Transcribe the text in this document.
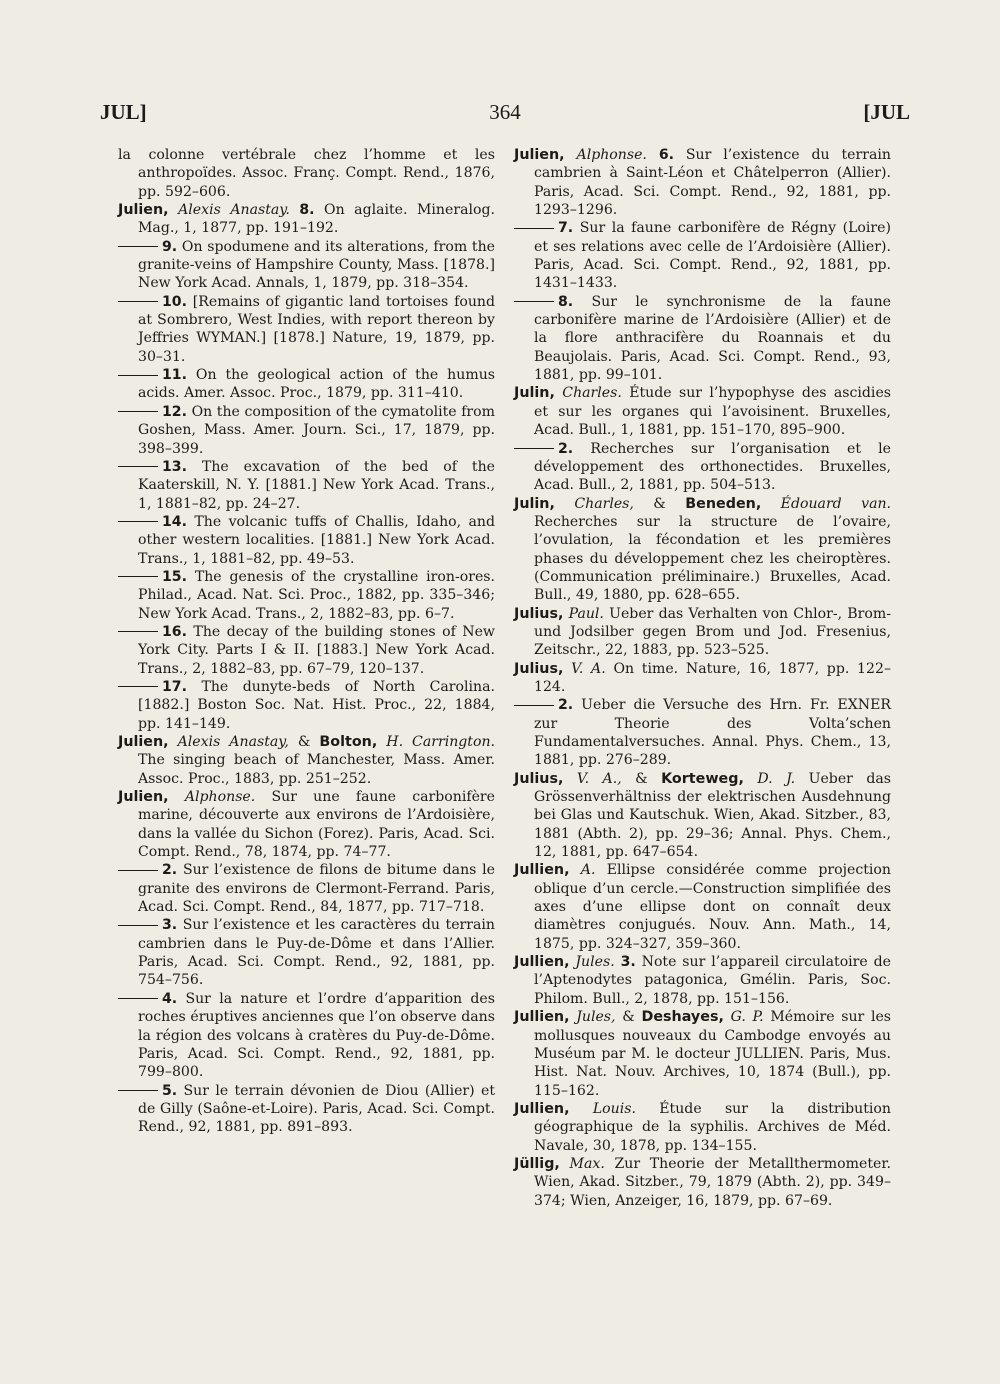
JUL]	364	[JUL

la colonne vertébrale chez l’homme et les anthropoïdes. Assoc. Franç. Compt. Rend., 1876, pp. 592–606.

Julien, Alexis Anastay. 8. On aglaite. Mineralog. Mag., 1, 1877, pp. 191–192.

9. On spodumene and its alterations, from the granite-veins of Hampshire County, Mass. [1878.] New York Acad. Annals, 1, 1879, pp. 318–354.

10. [Remains of gigantic land tortoises found at Sombrero, West Indies, with report thereon by Jeffries WYMAN.] [1878.] Nature, 19, 1879, pp. 30–31.

11. On the geological action of the humus acids. Amer. Assoc. Proc., 1879, pp. 311–410.

12. On the composition of the cymatolite from Goshen, Mass. Amer. Journ. Sci., 17, 1879, pp. 398–399.

13. The excavation of the bed of the Kaaterskill, N. Y. [1881.] New York Acad. Trans., 1, 1881–82, pp. 24–27.

14. The volcanic tuffs of Challis, Idaho, and other western localities. [1881.] New York Acad. Trans., 1, 1881–82, pp. 49–53.

15. The genesis of the crystalline iron-ores. Philad., Acad. Nat. Sci. Proc., 1882, pp. 335–346; New York Acad. Trans., 2, 1882–83, pp. 6–7.

16. The decay of the building stones of New York City. Parts I & II. [1883.] New York Acad. Trans., 2, 1882–83, pp. 67–79, 120–137.

17. The dunyte-beds of North Carolina. [1882.] Boston Soc. Nat. Hist. Proc., 22, 1884, pp. 141–149.

Julien, Alexis Anastay, & Bolton, H. Carrington. The singing beach of Manchester, Mass. Amer. Assoc. Proc., 1883, pp. 251–252.

Julien, Alphonse. Sur une faune carbonifère marine, découverte aux environs de l’Ardoisière, dans la vallée du Sichon (Forez). Paris, Acad. Sci. Compt. Rend., 78, 1874, pp. 74–77.

2. Sur l’existence de filons de bitume dans le granite des environs de Clermont-Ferrand. Paris, Acad. Sci. Compt. Rend., 84, 1877, pp. 717–718.

3. Sur l’existence et les caractères du terrain cambrien dans le Puy-de-Dôme et dans l’Allier. Paris, Acad. Sci. Compt. Rend., 92, 1881, pp. 754–756.

4. Sur la nature et l’ordre d’apparition des roches éruptives anciennes que l’on observe dans la région des volcans à cratères du Puy-de-Dôme. Paris, Acad. Sci. Compt. Rend., 92, 1881, pp. 799–800.

5. Sur le terrain dévonien de Diou (Allier) et de Gilly (Saône-et-Loire). Paris, Acad. Sci. Compt. Rend., 92, 1881, pp. 891–893.

Julien, Alphonse. 6. Sur l’existence du terrain cambrien à Saint-Léon et Châtelperron (Allier). Paris, Acad. Sci. Compt. Rend., 92, 1881, pp. 1293–1296.

7. Sur la faune carbonifère de Régny (Loire) et ses relations avec celle de l’Ardoisière (Allier). Paris, Acad. Sci. Compt. Rend., 92, 1881, pp. 1431–1433.

8. Sur le synchronisme de la faune carbonifère marine de l’Ardoisière (Allier) et de la flore anthracifère du Roannais et du Beaujolais. Paris, Acad. Sci. Compt. Rend., 93, 1881, pp. 99–101.

Julin, Charles. Étude sur l’hypophyse des ascidies et sur les organes qui l’avoisinent. Bruxelles, Acad. Bull., 1, 1881, pp. 151–170, 895–900.

2. Recherches sur l’organisation et le développement des orthonectides. Bruxelles, Acad. Bull., 2, 1881, pp. 504–513.

Julin, Charles, & Beneden, Édouard van. Recherches sur la structure de l’ovaire, l’ovulation, la fécondation et les premières phases du développement chez les cheiroptères. (Communication préliminaire.) Bruxelles, Acad. Bull., 49, 1880, pp. 628–655.

Julius, Paul. Ueber das Verhalten von Chlor-, Brom- und Jodsilber gegen Brom und Jod. Fresenius, Zeitschr., 22, 1883, pp. 523–525.

Julius, V. A. On time. Nature, 16, 1877, pp. 122–124.

2. Ueber die Versuche des Hrn. Fr. EXNER zur Theorie des Volta’schen Fundamentalversuches. Annal. Phys. Chem., 13, 1881, pp. 276–289.

Julius, V. A., & Korteweg, D. J. Ueber das Grössenverhältniss der elektrischen Ausdehnung bei Glas und Kautschuk. Wien, Akad. Sitzber., 83, 1881 (Abth. 2), pp. 29–36; Annal. Phys. Chem., 12, 1881, pp. 647–654.

Jullien, A. Ellipse considérée comme projection oblique d’un cercle.—Construction simplifiée des axes d’une ellipse dont on connaît deux diamètres conjugués. Nouv. Ann. Math., 14, 1875, pp. 324–327, 359–360.

Jullien, Jules. 3. Note sur l’appareil circulatoire de l’Aptenodytes patagonica, Gmélin. Paris, Soc. Philom. Bull., 2, 1878, pp. 151–156.

Jullien, Jules, & Deshayes, G. P. Mémoire sur les mollusques nouveaux du Cambodge envoyés au Muséum par M. le docteur JULLIEN. Paris, Mus. Hist. Nat. Nouv. Archives, 10, 1874 (Bull.), pp. 115–162.

Jullien, Louis. Étude sur la distribution géographique de la syphilis. Archives de Méd. Navale, 30, 1878, pp. 134–155.

Jüllig, Max. Zur Theorie der Metallthermometer. Wien, Akad. Sitzber., 79, 1879 (Abth. 2), pp. 349–374; Wien, Anzeiger, 16, 1879, pp. 67–69.
